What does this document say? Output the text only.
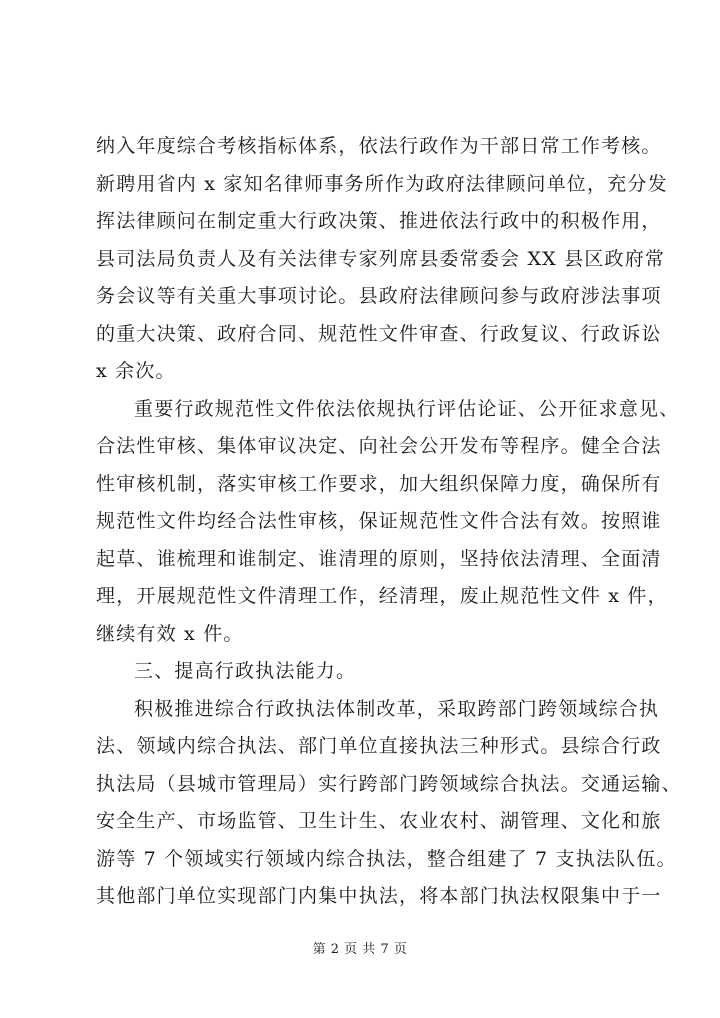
纳入年度综合考核指标体系，依法行政作为干部日常工作考核。
新聘用省内 x 家知名律师事务所作为政府法律顾问单位，充分发
挥法律顾问在制定重大行政决策、推进依法行政中的积极作用，
县司法局负责人及有关法律专家列席县委常委会 XX 县区政府常
务会议等有关重大事项讨论。县政府法律顾问参与政府涉法事项
的重大决策、政府合同、规范性文件审查、行政复议、行政诉讼
x 余次。
重要行政规范性文件依法依规执行评估论证、公开征求意见、
合法性审核、集体审议决定、向社会公开发布等程序。健全合法
性审核机制，落实审核工作要求，加大组织保障力度，确保所有
规范性文件均经合法性审核，保证规范性文件合法有效。按照谁
起草、谁梳理和谁制定、谁清理的原则，坚持依法清理、全面清
理，开展规范性文件清理工作，经清理，废止规范性文件 x 件，
继续有效 x 件。
三、提高行政执法能力。
积极推进综合行政执法体制改革，采取跨部门跨领域综合执
法、领域内综合执法、部门单位直接执法三种形式。县综合行政
执法局（县城市管理局）实行跨部门跨领域综合执法。交通运输、
安全生产、市场监管、卫生计生、农业农村、湖管理、文化和旅
游等 7 个领域实行领域内综合执法，整合组建了 7 支执法队伍。
其他部门单位实现部门内集中执法，将本部门执法权限集中于一
第 2 页 共 7 页
